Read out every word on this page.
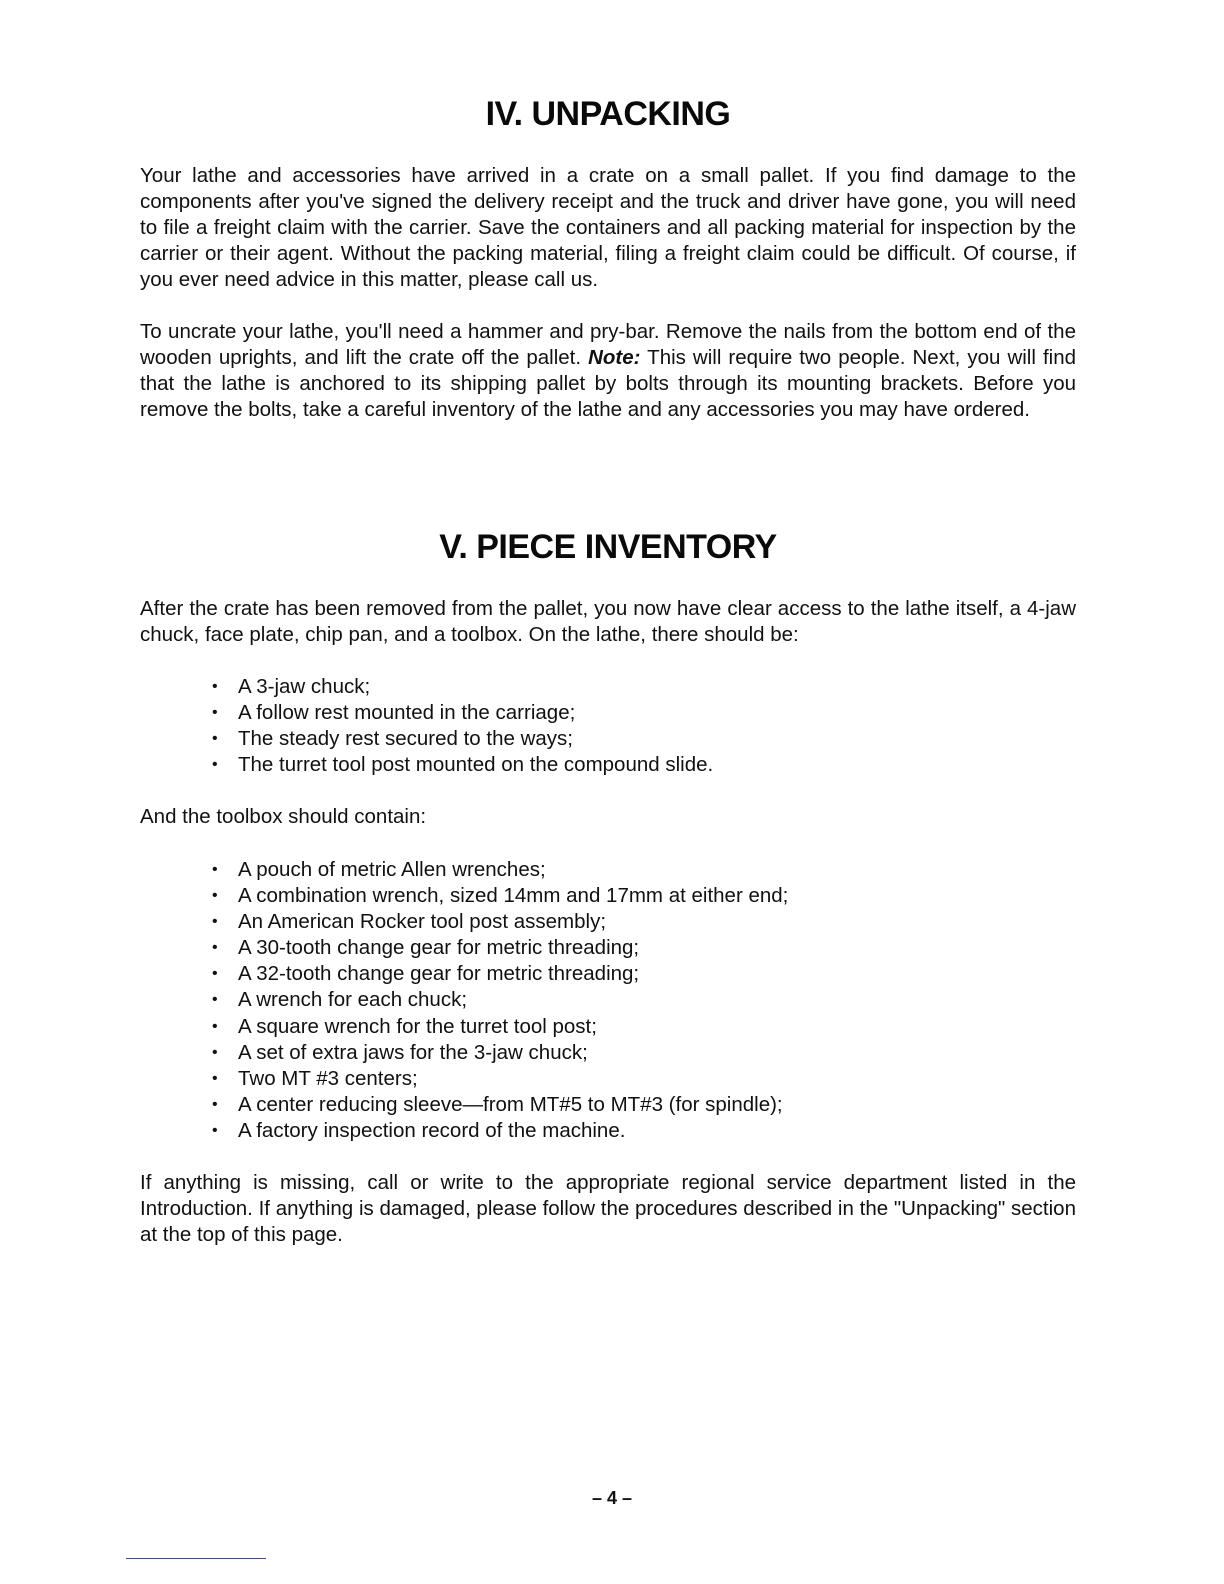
IV. UNPACKING

Your lathe and accessories have arrived in a crate on a small pallet. If you find damage to the components after you've signed the delivery receipt and the truck and driver have gone, you will need to file a freight claim with the carrier. Save the containers and all packing material for inspection by the carrier or their agent. Without the packing material, filing a freight claim could be difficult. Of course, if you ever need advice in this matter, please call us.

To uncrate your lathe, you'll need a hammer and pry-bar. Remove the nails from the bottom end of the wooden uprights, and lift the crate off the pallet. Note: This will require two people. Next, you will find that the lathe is anchored to its shipping pallet by bolts through its mounting brackets. Before you remove the bolts, take a careful inventory of the lathe and any accessories you may have ordered.

V. PIECE INVENTORY

After the crate has been removed from the pallet, you now have clear access to the lathe itself, a 4-jaw chuck, face plate, chip pan, and a toolbox. On the lathe, there should be:

• A 3-jaw chuck;
• A follow rest mounted in the carriage;
• The steady rest secured to the ways;
• The turret tool post mounted on the compound slide.

And the toolbox should contain:

• A pouch of metric Allen wrenches;
• A combination wrench, sized 14mm and 17mm at either end;
• An American Rocker tool post assembly;
• A 30-tooth change gear for metric threading;
• A 32-tooth change gear for metric threading;
• A wrench for each chuck;
• A square wrench for the turret tool post;
• A set of extra jaws for the 3-jaw chuck;
• Two MT #3 centers;
• A center reducing sleeve—from MT#5 to MT#3 (for spindle);
• A factory inspection record of the machine.

If anything is missing, call or write to the appropriate regional service department listed in the Introduction. If anything is damaged, please follow the procedures described in the "Unpacking" section at the top of this page.

– 4 –
